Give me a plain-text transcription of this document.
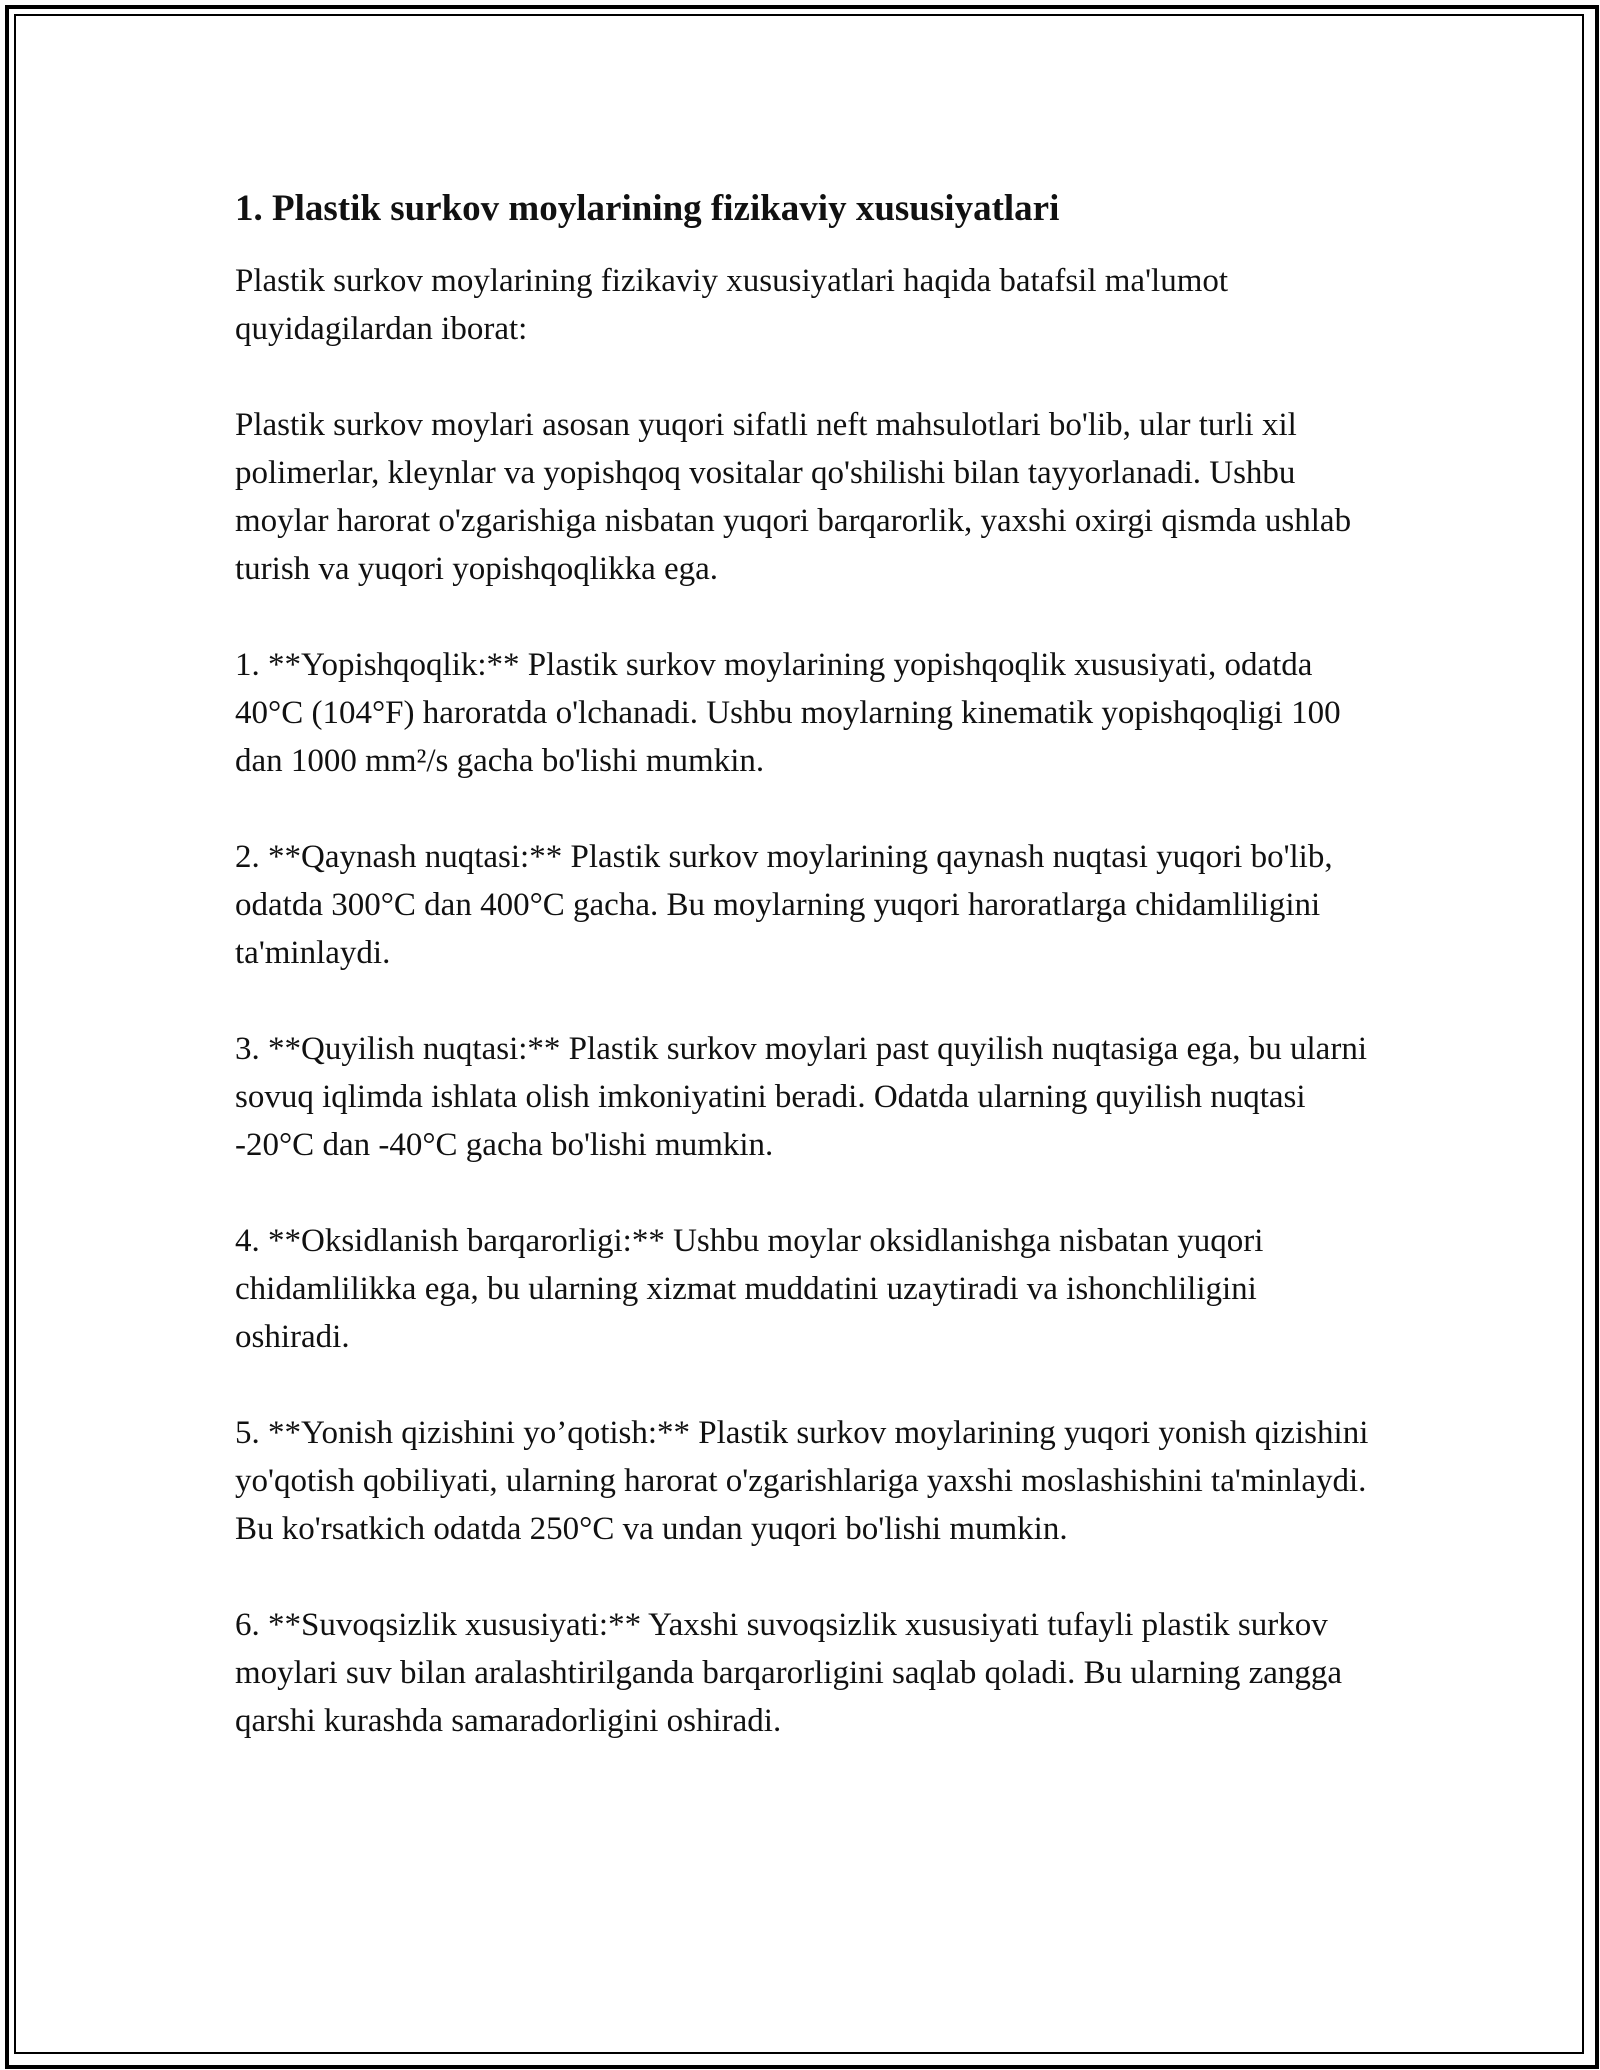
1. Plastik surkov moylarining fizikaviy xususiyatlari

Plastik surkov moylarining fizikaviy xususiyatlari haqida batafsil ma'lumot quyidagilardan iborat:

Plastik surkov moylari asosan yuqori sifatli neft mahsulotlari bo'lib, ular turli xil polimerlar, kleynlar va yopishqoq vositalar qo'shilishi bilan tayyorlanadi. Ushbu moylar harorat o'zgarishiga nisbatan yuqori barqarorlik, yaxshi oxirgi qismda ushlab turish va yuqori yopishqoqlikka ega.

1. **Yopishqoqlik:** Plastik surkov moylarining yopishqoqlik xususiyati, odatda 40°C (104°F) haroratda o'lchanadi. Ushbu moylarning kinematik yopishqoqligi 100 dan 1000 mm²/s gacha bo'lishi mumkin.

2. **Qaynash nuqtasi:** Plastik surkov moylarining qaynash nuqtasi yuqori bo'lib, odatda 300°C dan 400°C gacha. Bu moylarning yuqori haroratlarga chidamliligini ta'minlaydi.

3. **Quyilish nuqtasi:** Plastik surkov moylari past quyilish nuqtasiga ega, bu ularni sovuq iqlimda ishlata olish imkoniyatini beradi. Odatda ularning quyilish nuqtasi -20°C dan -40°C gacha bo'lishi mumkin.

4. **Oksidlanish barqarorligi:** Ushbu moylar oksidlanishga nisbatan yuqori chidamlilikka ega, bu ularning xizmat muddatini uzaytiradi va ishonchliligini oshiradi.

5. **Yonish qizishini yo’qotish:** Plastik surkov moylarining yuqori yonish qizishini yo'qotish qobiliyati, ularning harorat o'zgarishlariga yaxshi moslashishini ta'minlaydi. Bu ko'rsatkich odatda 250°C va undan yuqori bo'lishi mumkin.

6. **Suvoqsizlik xususiyati:** Yaxshi suvoqsizlik xususiyati tufayli plastik surkov moylari suv bilan aralashtirilganda barqarorligini saqlab qoladi. Bu ularning zangga qarshi kurashda samaradorligini oshiradi.
